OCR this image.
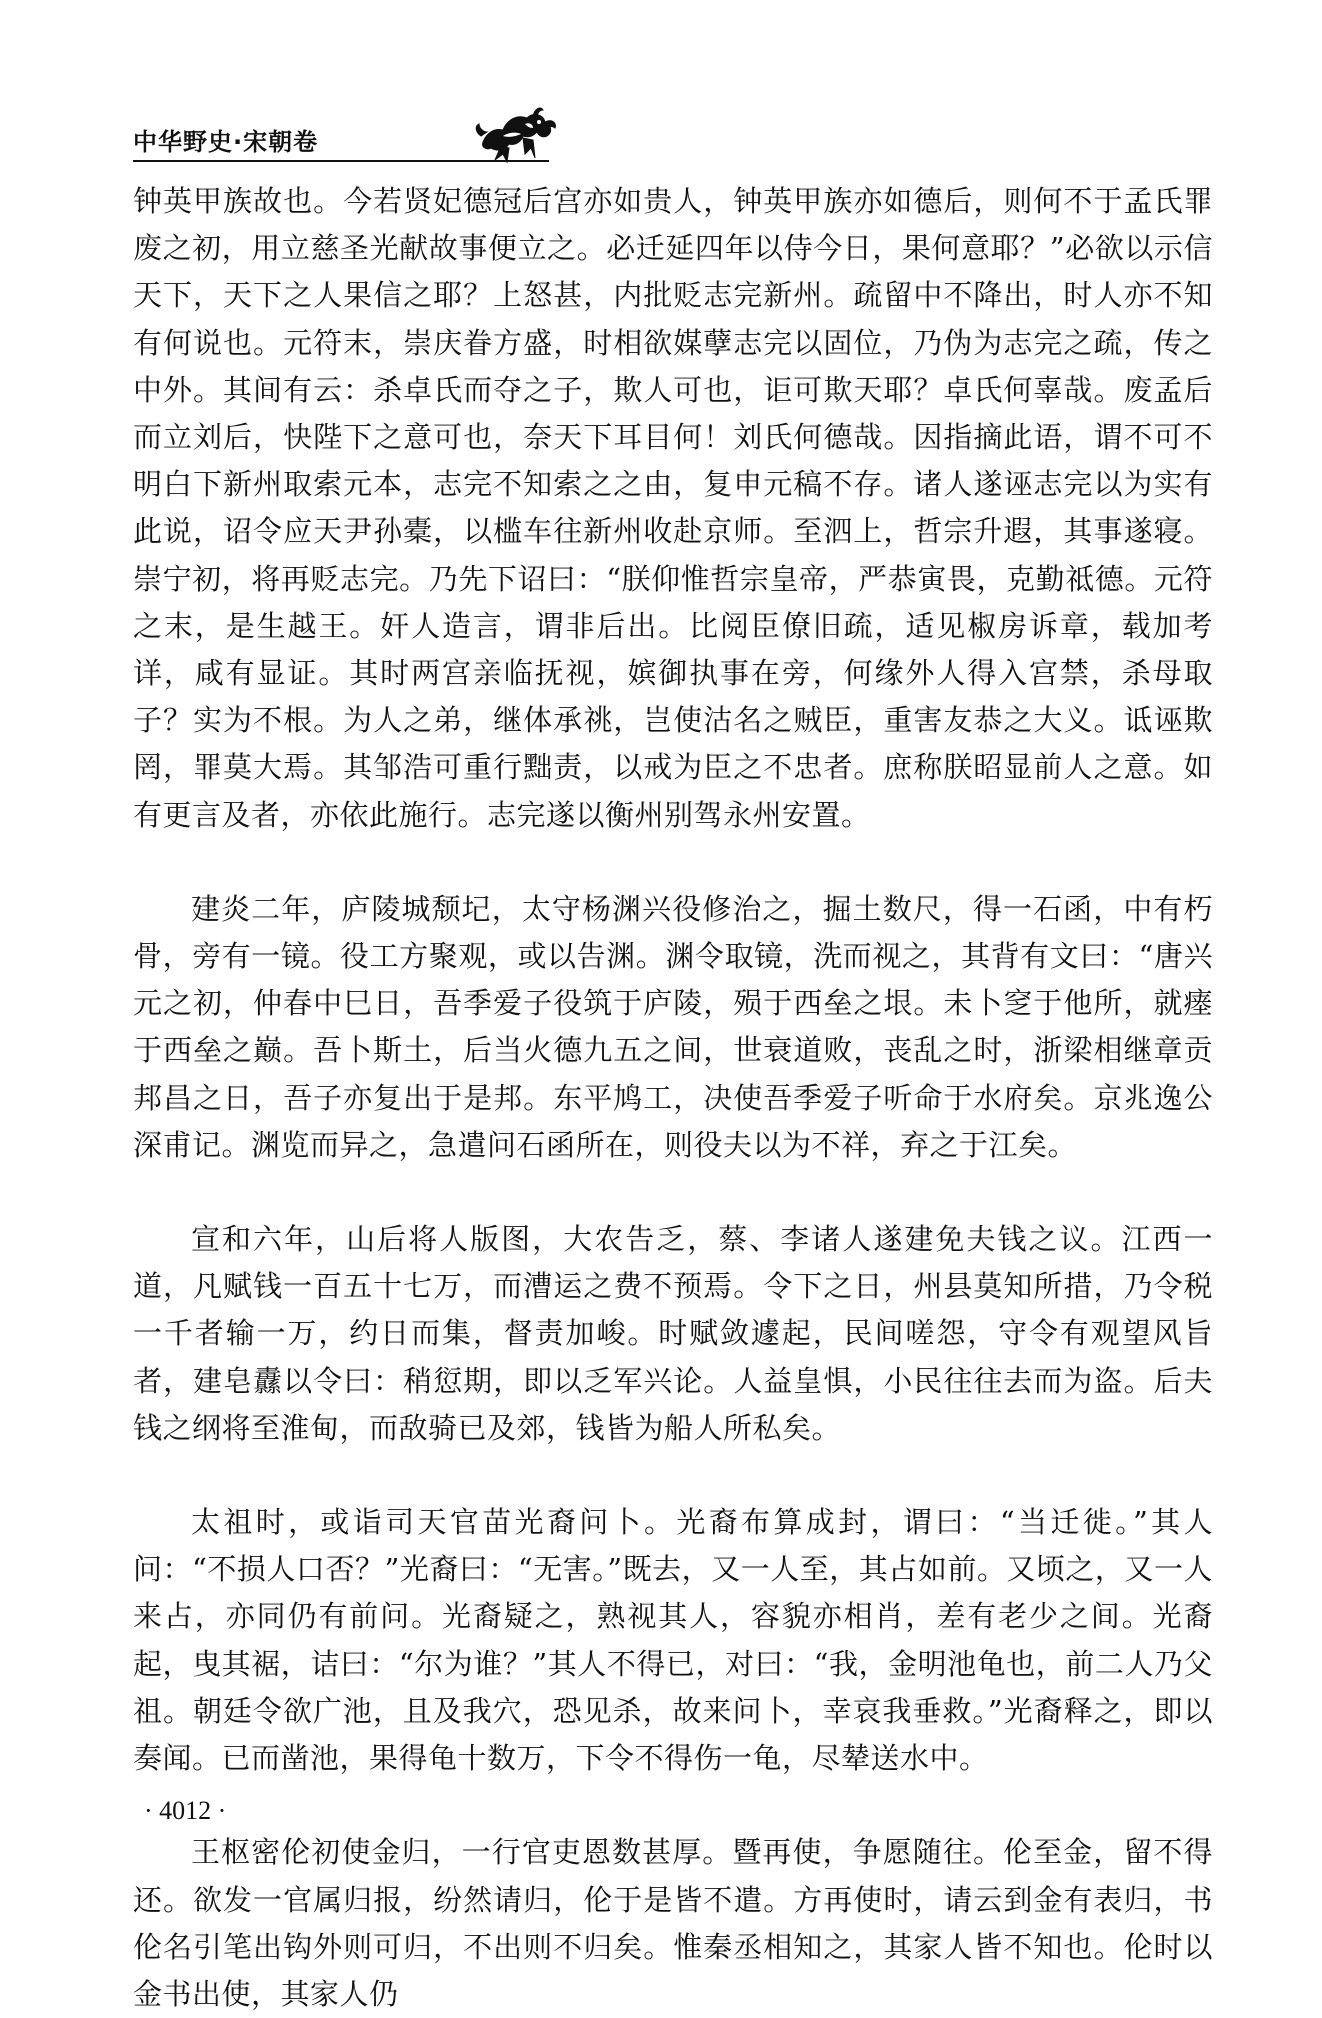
中华野史·宋朝卷

钟英甲族故也。今若贤妃德冠后宫亦如贵人，钟英甲族亦如德后，则何不于孟氏罪废之初，用立慈圣光献故事便立之。必迁延四年以侍今日，果何意耶？”必欲以示信天下，天下之人果信之耶？上怒甚，内批贬志完新州。疏留中不降出，时人亦不知有何说也。元符末，崇庆眷方盛，时相欲媒孽志完以固位，乃伪为志完之疏，传之中外。其间有云：杀卓氏而夺之子，欺人可也，讵可欺天耶？卓氏何辜哉。废孟后而立刘后，快陛下之意可也，奈天下耳目何！刘氏何德哉。因指摘此语，谓不可不明白下新州取索元本，志完不知索之之由，复申元稿不存。诸人遂诬志完以为实有此说，诏令应天尹孙橐，以槛车往新州收赴京师。至泗上，哲宗升遐，其事遂寝。崇宁初，将再贬志完。乃先下诏曰：“朕仰惟哲宗皇帝，严恭寅畏，克勤祗德。元符之末，是生越王。奸人造言，谓非后出。比阅臣僚旧疏，适见椒房诉章，载加考详，咸有显证。其时两宫亲临抚视，嫔御执事在旁，何缘外人得入宫禁，杀母取子？实为不根。为人之弟，继体承祧，岂使沽名之贼臣，重害友恭之大义。诋诬欺罔，罪莫大焉。其邹浩可重行黜责，以戒为臣之不忠者。庶称朕昭显前人之意。如有更言及者，亦依此施行。志完遂以衡州别驾永州安置。

建炎二年，庐陵城颓圮，太守杨渊兴役修治之，掘土数尺，得一石函，中有朽骨，旁有一镜。役工方聚观，或以告渊。渊令取镜，洗而视之，其背有文曰：“唐兴元之初，仲春中巳日，吾季爱子役筑于庐陵，殒于西垒之垠。未卜窆于他所，就瘗于西垒之巅。吾卜斯土，后当火德九五之间，世衰道败，丧乱之时，浙梁相继章贡邦昌之日，吾子亦复出于是邦。东平鸠工，决使吾季爱子听命于水府矣。京兆逸公深甫记。渊览而异之，急遣问石函所在，则役夫以为不祥，弃之于江矣。

宣和六年，山后将人版图，大农告乏，蔡、李诸人遂建免夫钱之议。江西一道，凡赋钱一百五十七万，而漕运之费不预焉。令下之日，州县莫知所措，乃令税一千者输一万，约日而集，督责加峻。时赋敛遽起，民间嗟怨，守令有观望风旨者，建皂纛以令曰：稍愆期，即以乏军兴论。人益皇惧，小民往往去而为盗。后夫钱之纲将至淮甸，而敌骑已及郊，钱皆为船人所私矣。

太祖时，或诣司天官苗光裔问卜。光裔布算成封，谓曰：“当迁徙。”其人问：“不损人口否？”光裔曰：“无害。”既去，又一人至，其占如前。又顷之，又一人来占，亦同仍有前问。光裔疑之，熟视其人，容貌亦相肖，差有老少之间。光裔起，曳其裾，诘曰：“尔为谁？”其人不得已，对曰：“我，金明池龟也，前二人乃父祖。朝廷令欲广池，且及我穴，恐见杀，故来问卜，幸哀我垂救。”光裔释之，即以奏闻。已而凿池，果得龟十数万，下令不得伤一龟，尽辇送水中。

王枢密伦初使金归，一行官吏恩数甚厚。暨再使，争愿随往。伦至金，留不得还。欲发一官属归报，纷然请归，伦于是皆不遣。方再使时，请云到金有表归，书伦名引笔出钩外则可归，不出则不归矣。惟秦丞相知之，其家人皆不知也。伦时以金书出使，其家人仍

· 4012 ·
